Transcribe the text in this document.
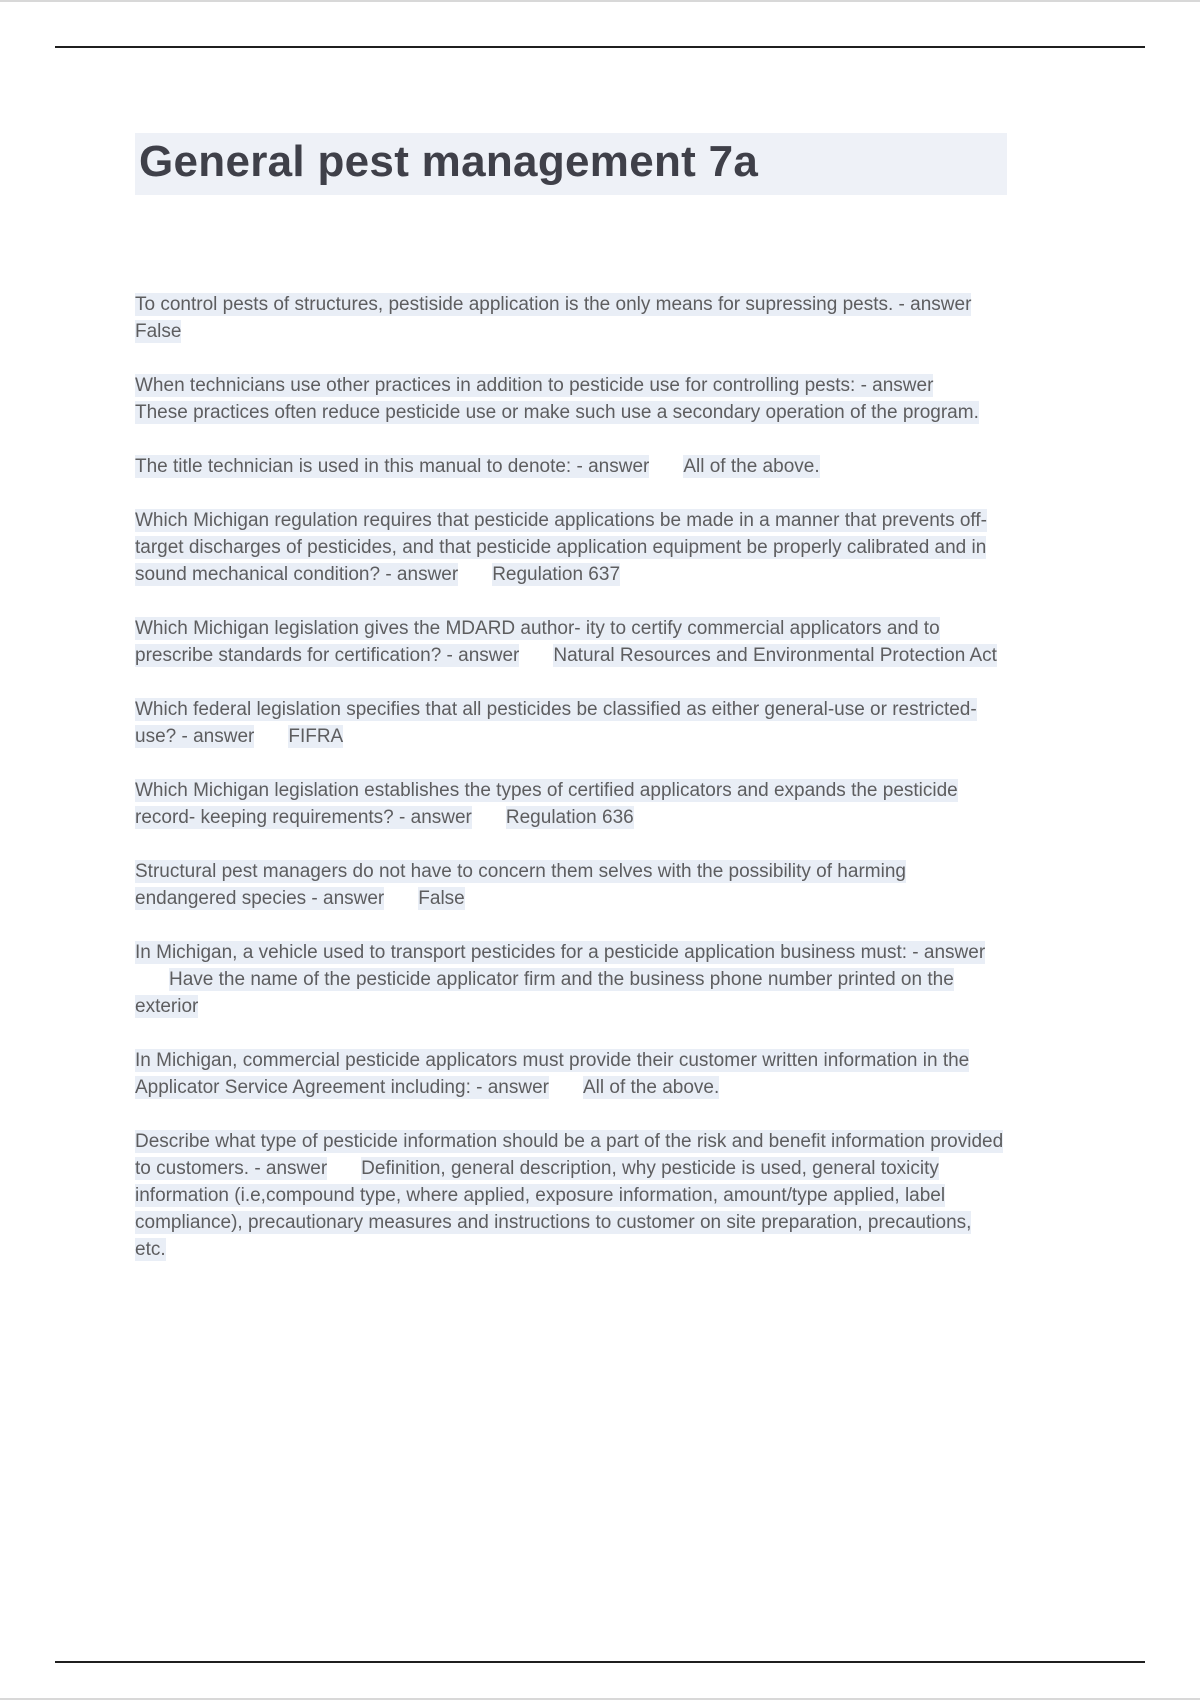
General pest management 7a

To control pests of structures, pestiside application is the only means for supressing pests. - answerFalse

When technicians use other practices in addition to pesticide use for controlling pests: - answerThese practices often reduce pesticide use or make such use a secondary operation of the program.

The title technician is used in this manual to denote: - answer All of the above.

Which Michigan regulation requires that pesticide applications be made in a manner that prevents off- target discharges of pesticides, and that pesticide application equipment be properly calibrated and in sound mechanical condition? - answer Regulation 637

Which Michigan legislation gives the MDARD author- ity to certify commercial applicators and to prescribe standards for certification? - answer Natural Resources and Environmental Protection Act

Which federal legislation specifies that all pesticides be classified as either general-use or restricted-use? - answer FIFRA

Which Michigan legislation establishes the types of certified applicators and expands the pesticide record- keeping requirements? - answer Regulation 636

Structural pest managers do not have to concern them selves with the possibility of harming endangered species - answer False

In Michigan, a vehicle used to transport pesticides for a pesticide application business must: - answerHave the name of the pesticide applicator firm and the business phone number printed on the exterior

In Michigan, commercial pesticide applicators must provide their customer written information in the Applicator Service Agreement including: - answer All of the above.

Describe what type of pesticide information should be a part of the risk and benefit information provided to customers. - answer Definition, general description, why pesticide is used, general toxicity information (i.e,compound type, where applied, exposure information, amount/type applied, label compliance), precautionary measures and instructions to customer on site preparation, precautions, etc.
